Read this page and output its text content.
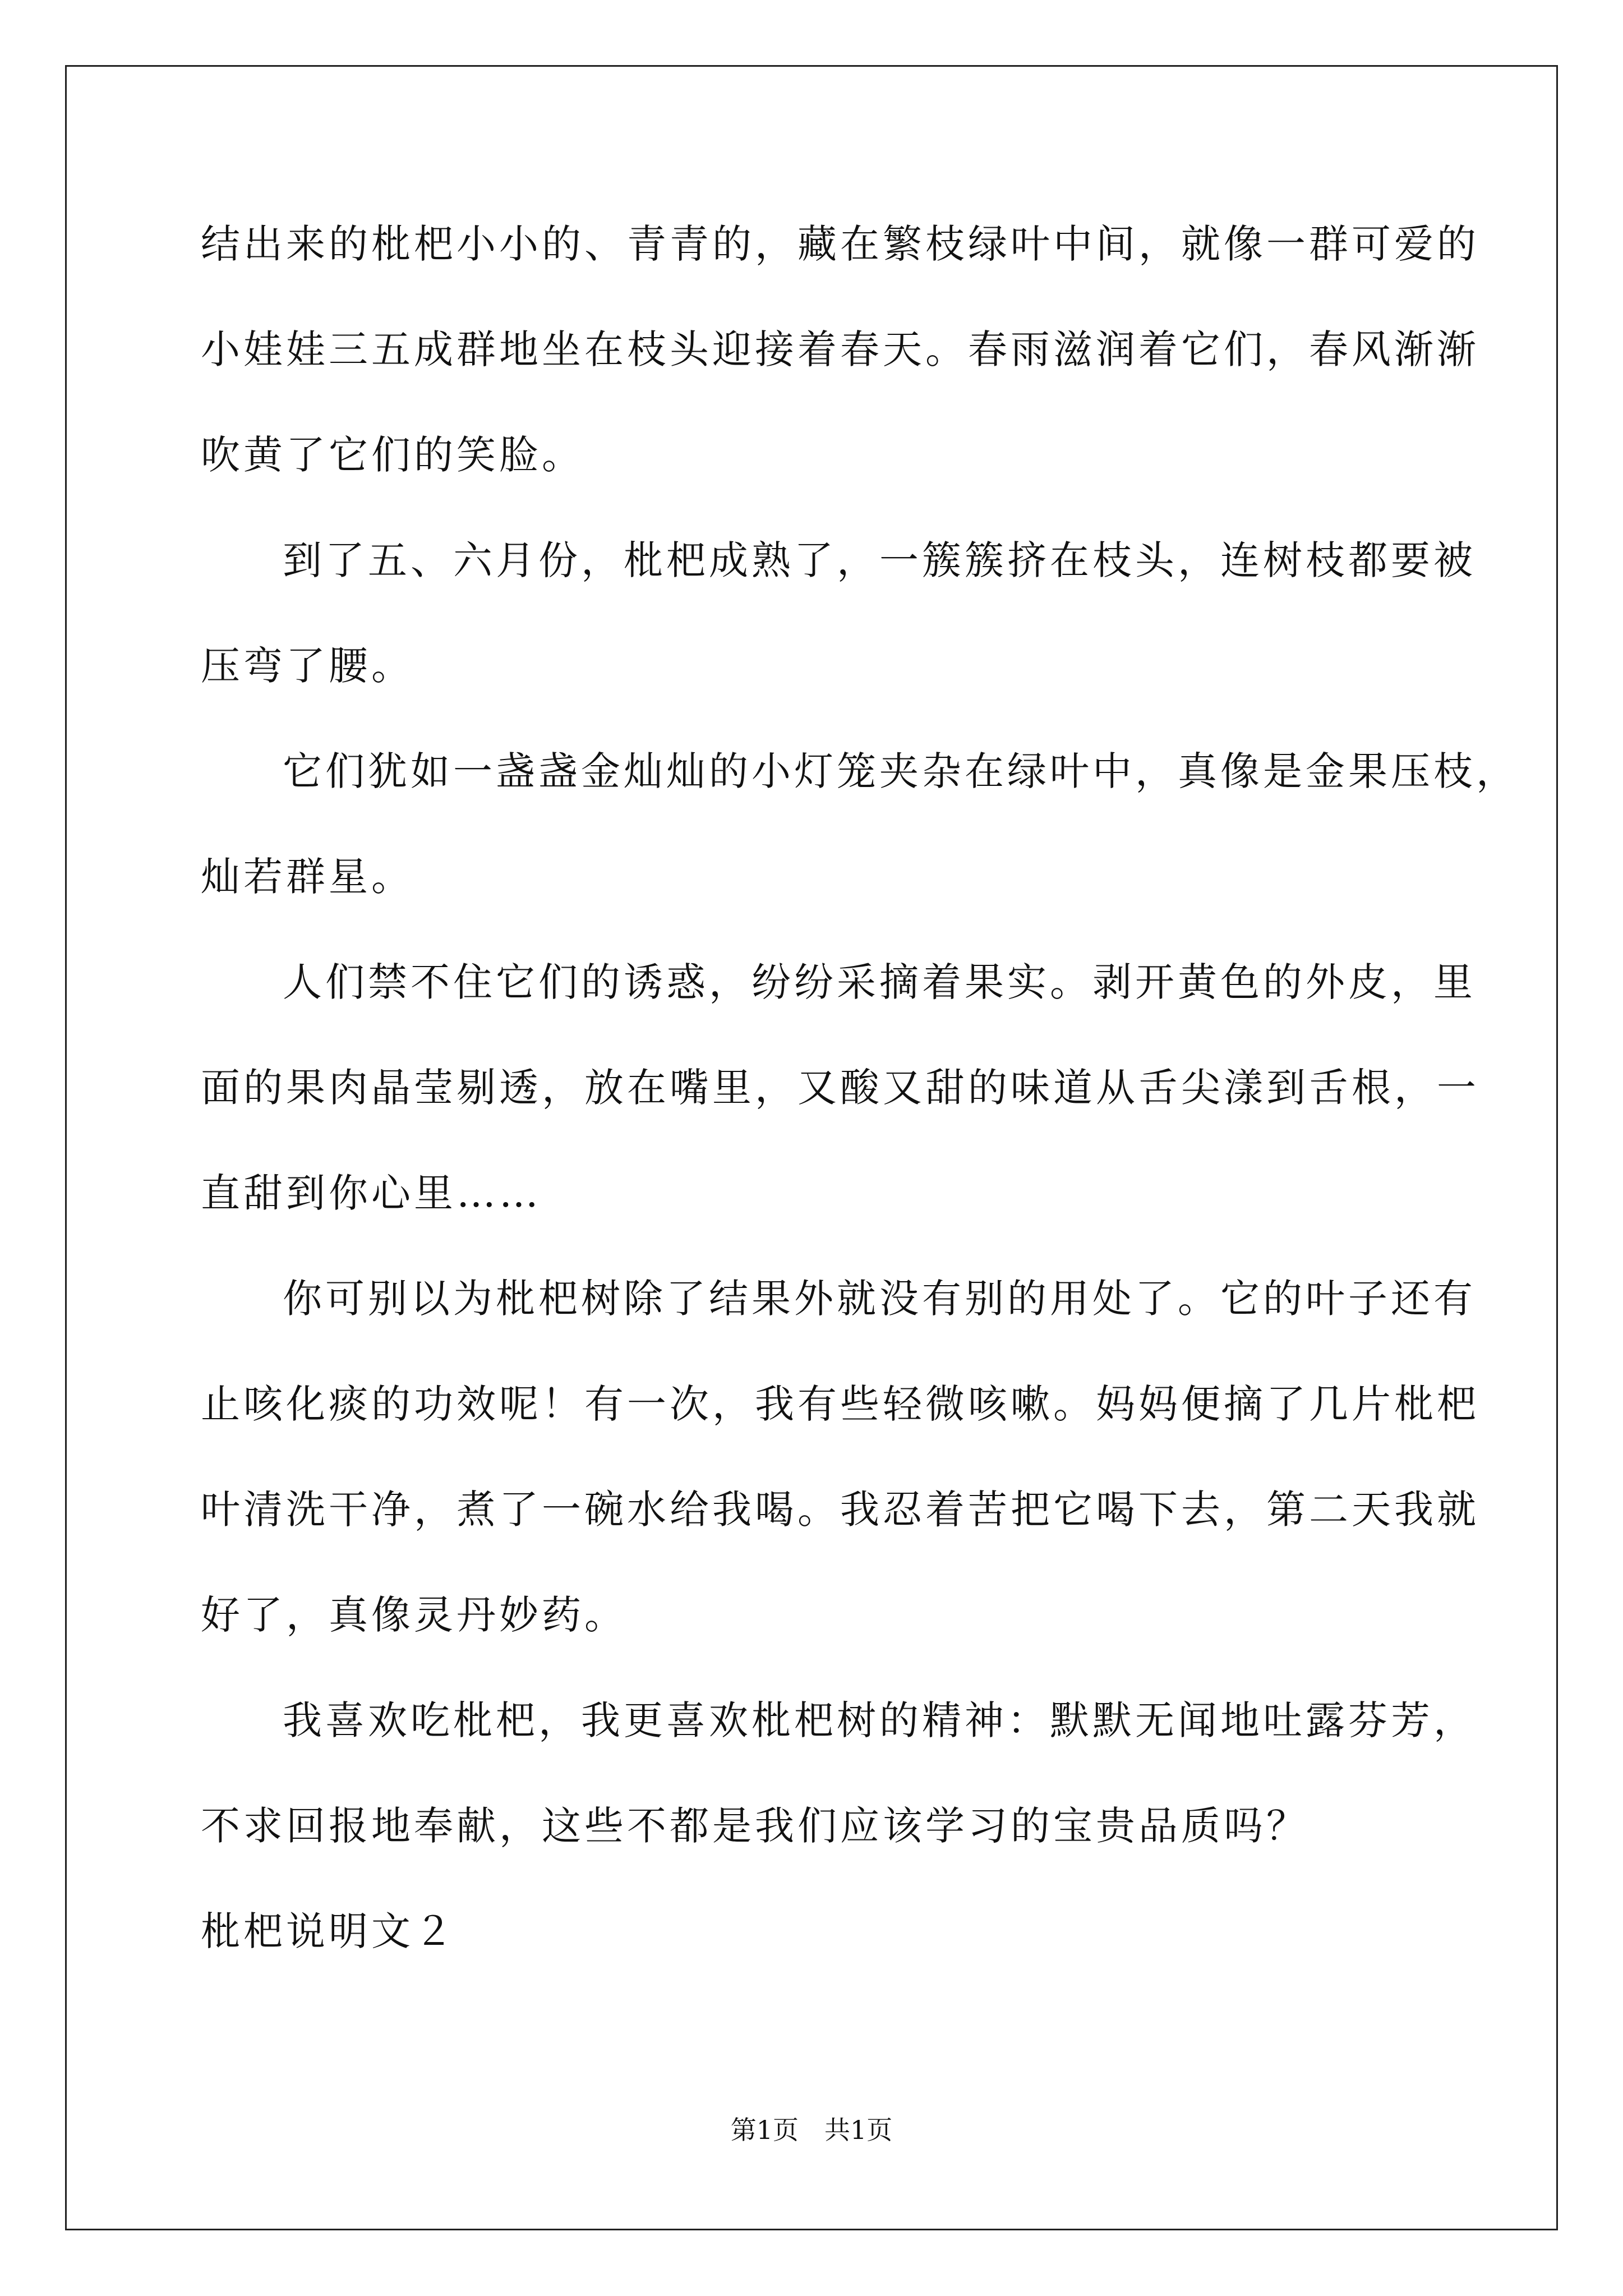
结出来的枇杷小小的、青青的，藏在繁枝绿叶中间，就像一群可爱的
小娃娃三五成群地坐在枝头迎接着春天。春雨滋润着它们，春风渐渐
吹黄了它们的笑脸。
到了五、六月份，枇杷成熟了，一簇簇挤在枝头，连树枝都要被
压弯了腰。
它们犹如一盏盏金灿灿的小灯笼夹杂在绿叶中，真像是金果压枝，
灿若群星。
人们禁不住它们的诱惑，纷纷采摘着果实。剥开黄色的外皮，里
面的果肉晶莹剔透，放在嘴里，又酸又甜的味道从舌尖漾到舌根，一
直甜到你心里……
你可别以为枇杷树除了结果外就没有别的用处了。它的叶子还有
止咳化痰的功效呢！有一次，我有些轻微咳嗽。妈妈便摘了几片枇杷
叶清洗干净，煮了一碗水给我喝。我忍着苦把它喝下去，第二天我就
好了，真像灵丹妙药。
我喜欢吃枇杷，我更喜欢枇杷树的精神：默默无闻地吐露芬芳，
不求回报地奉献，这些不都是我们应该学习的宝贵品质吗？
枇杷说明文２
第1页　共1页
